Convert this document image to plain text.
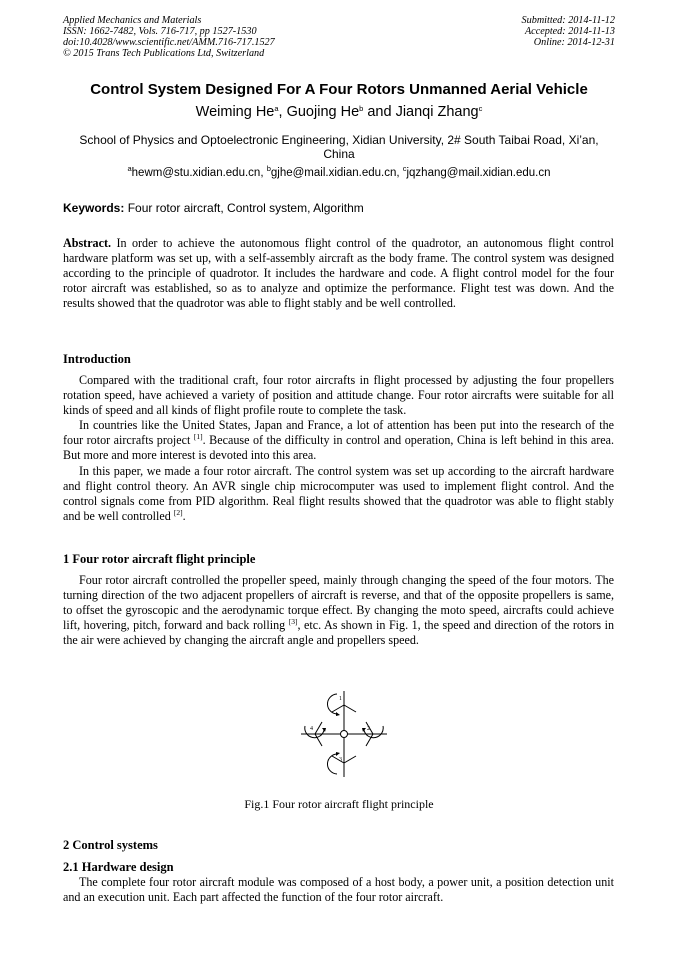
Applied Mechanics and Materials
ISSN: 1662-7482, Vols. 716-717, pp 1527-1530
doi:10.4028/www.scientific.net/AMM.716-717.1527
© 2015 Trans Tech Publications Ltd, Switzerland
Submitted: 2014-11-12
Accepted: 2014-11-13
Online: 2014-12-31
Control System Designed For A Four Rotors Unmanned Aerial Vehicle
Weiming He$^a$, Guojing He$^b$ and Jianqi Zhang$^c$
School of Physics and Optoelectronic Engineering, Xidian University, 2# South Taibai Road, Xi’an, China
$^a$hewm@stu.xidian.edu.cn, $^b$gjhe@mail.xidian.edu.cn, $^c$jqzhang@mail.xidian.edu.cn
Keywords: Four rotor aircraft, Control system, Algorithm
Abstract. In order to achieve the autonomous flight control of the quadrotor, an autonomous flight control hardware platform was set up, with a self-assembly aircraft as the body frame. The control system was designed according to the principle of quadrotor. It includes the hardware and code. A flight control model for the four rotor aircraft was established, so as to analyze and optimize the performance. Flight test was down. And the results showed that the quadrotor was able to flight stably and be well controlled.
Introduction

Compared with the traditional craft, four rotor aircrafts in flight processed by adjusting the four propellers rotation speed, have achieved a variety of position and attitude change. Four rotor aircrafts were suitable for all kinds of speed and all kinds of flight profile route to complete the task.

In countries like the United States, Japan and France, a lot of attention has been put into the research of the four rotor aircrafts project [1]. Because of the difficulty in control and operation, China is left behind in this area. But more and more interest is devoted into this area.

In this paper, we made a four rotor aircraft. The control system was set up according to the aircraft hardware and flight control theory. An AVR single chip microcomputer was used to implement flight control. And the control signals come from PID algorithm. Real flight results showed that the quadrotor was able to flight stably and be well controlled [2].

1 Four rotor aircraft flight principle

Four rotor aircraft controlled the propeller speed, mainly through changing the speed of the four motors. The turning direction of the two adjacent propellers of aircraft is reverse, and that of the opposite propellers is same, to offset the gyroscopic and the aerodynamic torque effect. By changing the moto speed, aircrafts could achieve lift, hovering, pitch, forward and back rolling [3], etc. As shown in Fig. 1, the speed and direction of the rotors in the air were achieved by changing the aircraft angle and propellers speed.

1
2
3
4
Fig.1 Four rotor aircraft flight principle
2 Control systems
2.1 Hardware design

The complete four rotor aircraft module was composed of a host body, a power unit, a position detection unit and an execution unit. Each part affected the function of the four rotor aircraft.
